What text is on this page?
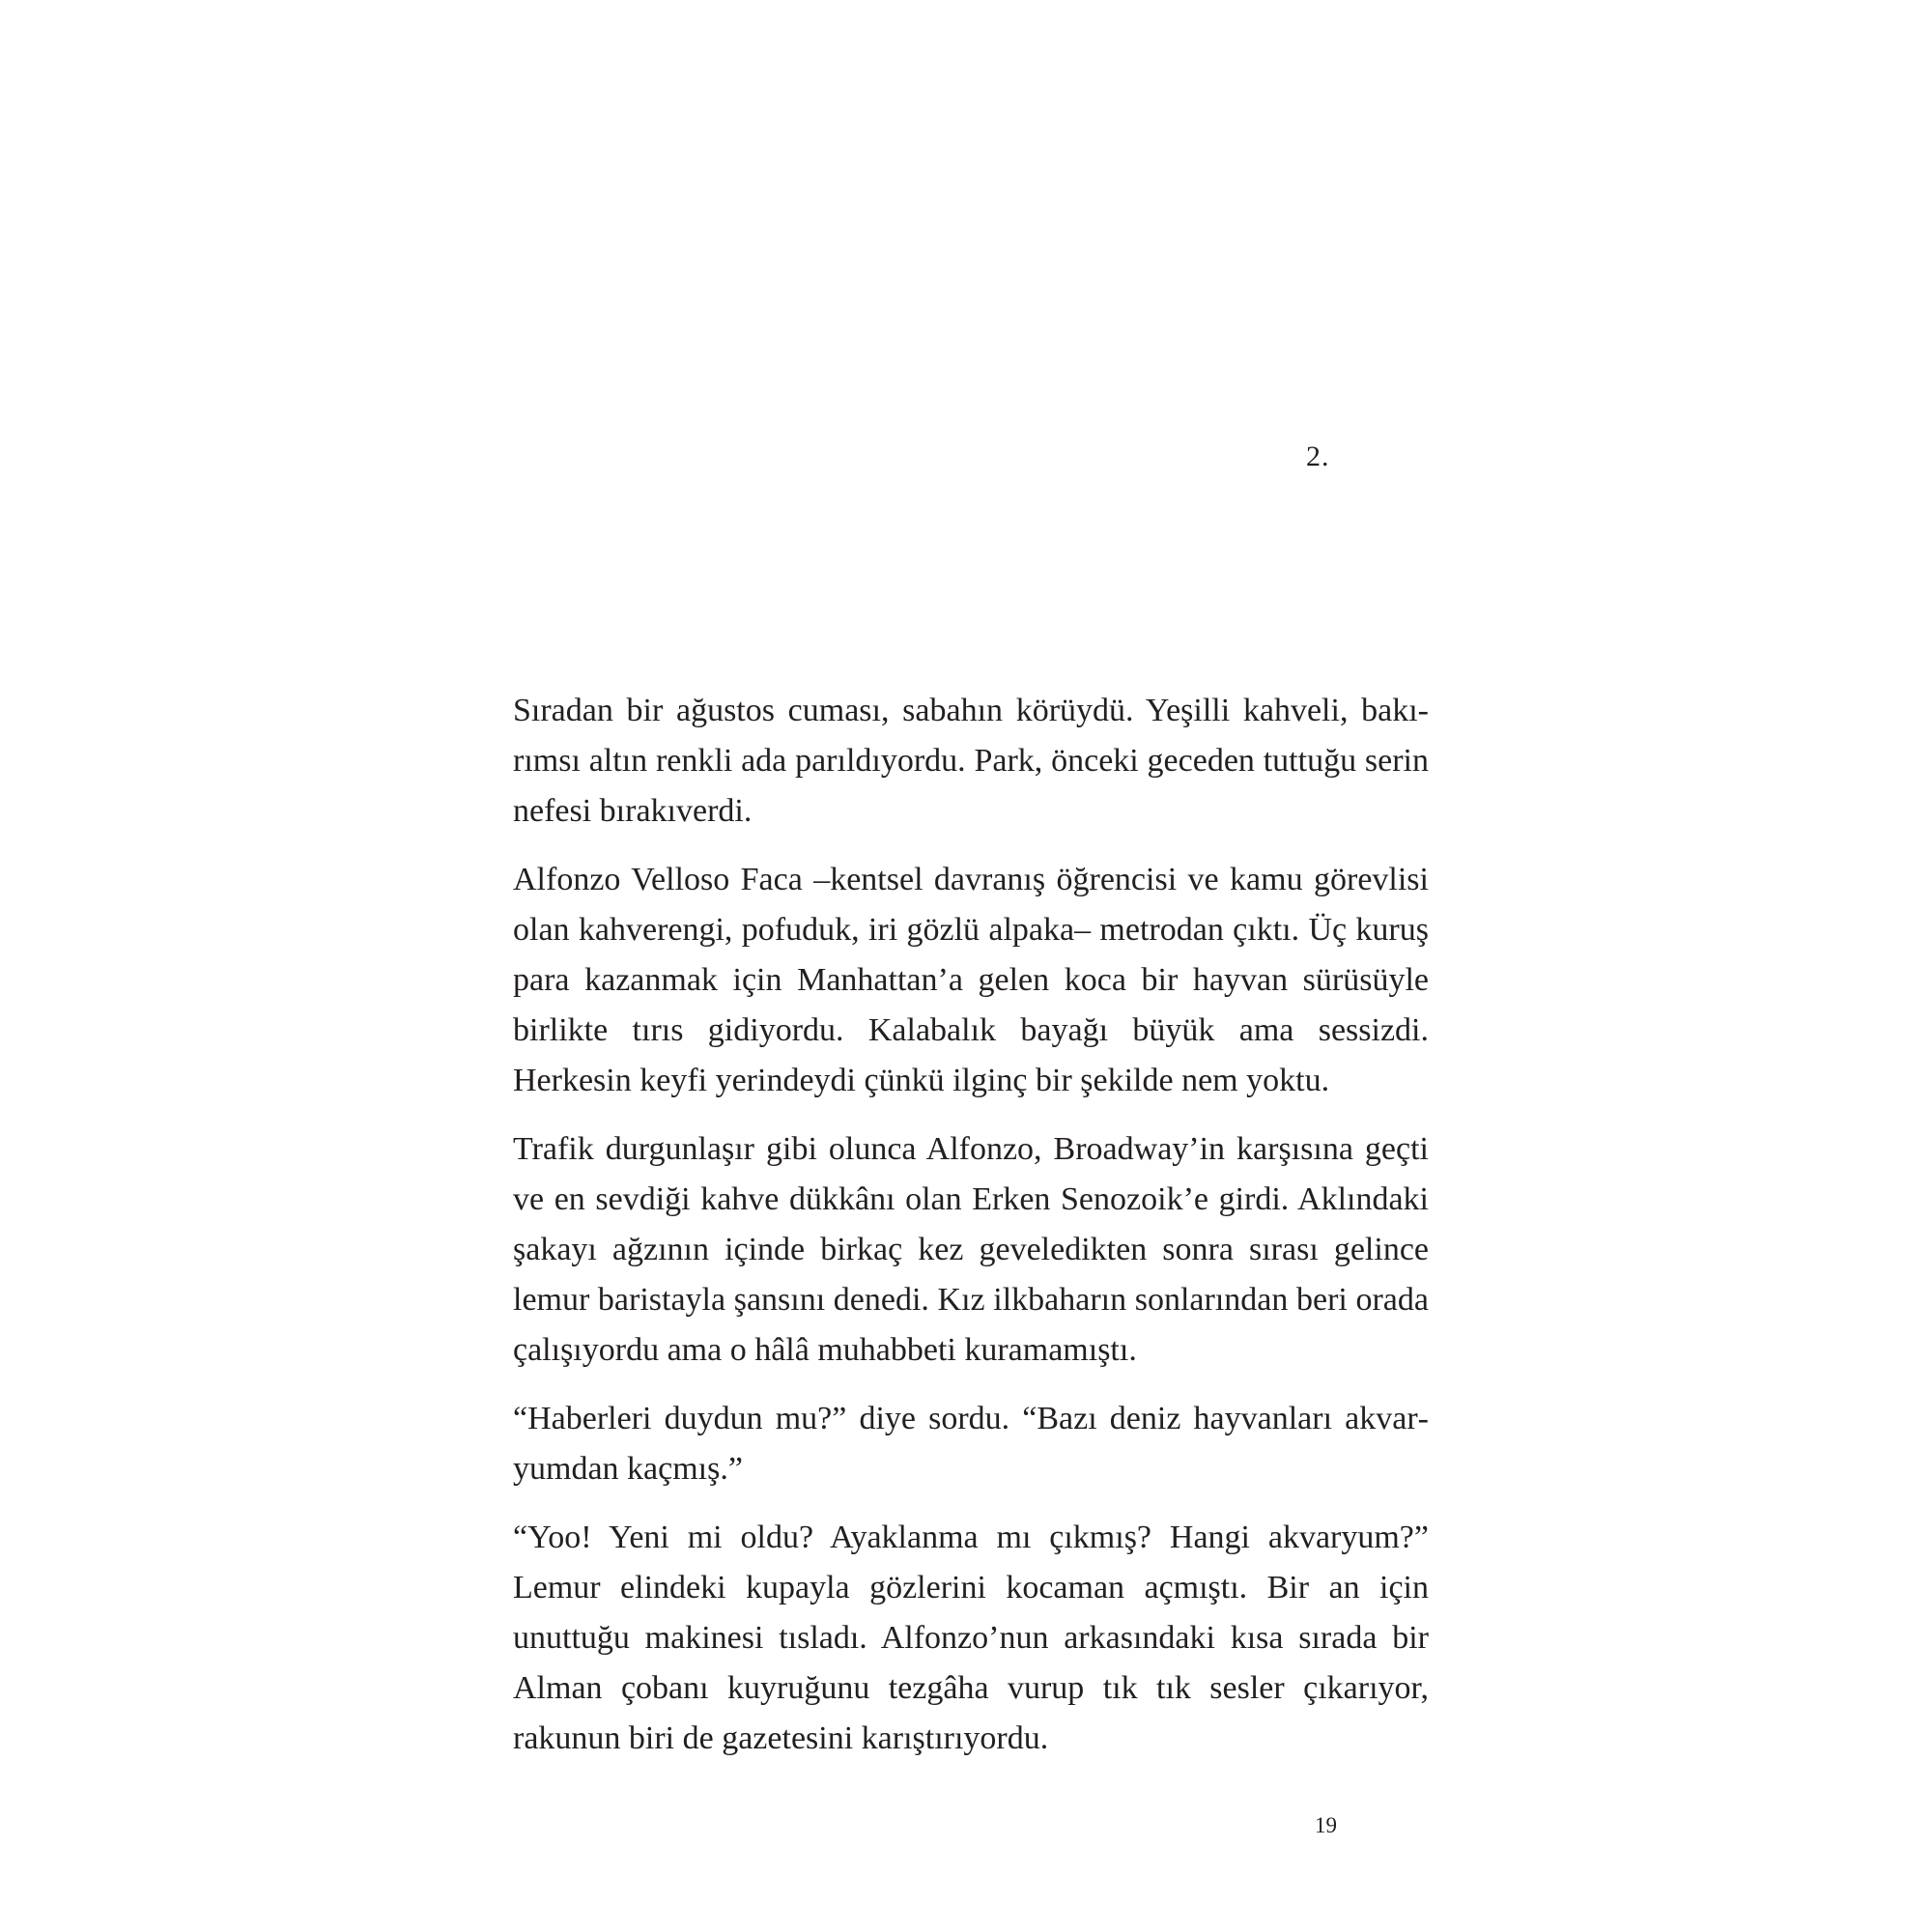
2.

Sıradan bir ağustos cuması, sabahın körüydü. Yeşilli kahveli, bakırımsı altın renkli ada parıldıyordu. Park, önceki geceden tuttuğu serin nefesi bırakıverdi.

Alfonzo Velloso Faca –kentsel davranış öğrencisi ve kamu görevlisi olan kahverengi, pofuduk, iri gözlü alpaka– metrodan çıktı. Üç kuruş para kazanmak için Manhattan’a gelen koca bir hayvan sürüsüyle birlikte tırıs gidiyordu. Kalabalık bayağı büyük ama sessizdi. Herkesin keyfi yerindeydi çünkü ilginç bir şekilde nem yoktu.

Trafik durgunlaşır gibi olunca Alfonzo, Broadway’in karşısına geçti ve en sevdiği kahve dükkânı olan Erken Senozoik’e girdi. Aklındaki şakayı ağzının içinde birkaç kez geveledikten sonra sırası gelince lemur baristayla şansını denedi. Kız ilkbaharın sonlarından beri orada çalışıyordu ama o hâlâ muhabbeti kuramamıştı.

“Haberleri duydun mu?” diye sordu. “Bazı deniz hayvanları akvaryumdan kaçmış.”

“Yoo! Yeni mi oldu? Ayaklanma mı çıkmış? Hangi akvaryum?” Lemur elindeki kupayla gözlerini kocaman açmıştı. Bir an için unuttuğu makinesi tısladı. Alfonzo’nun arkasındaki kısa sırada bir Alman çobanı kuyruğunu tezgâha vurup tık tık sesler çıkarıyor, rakunun biri de gazetesini karıştırıyordu.

19
